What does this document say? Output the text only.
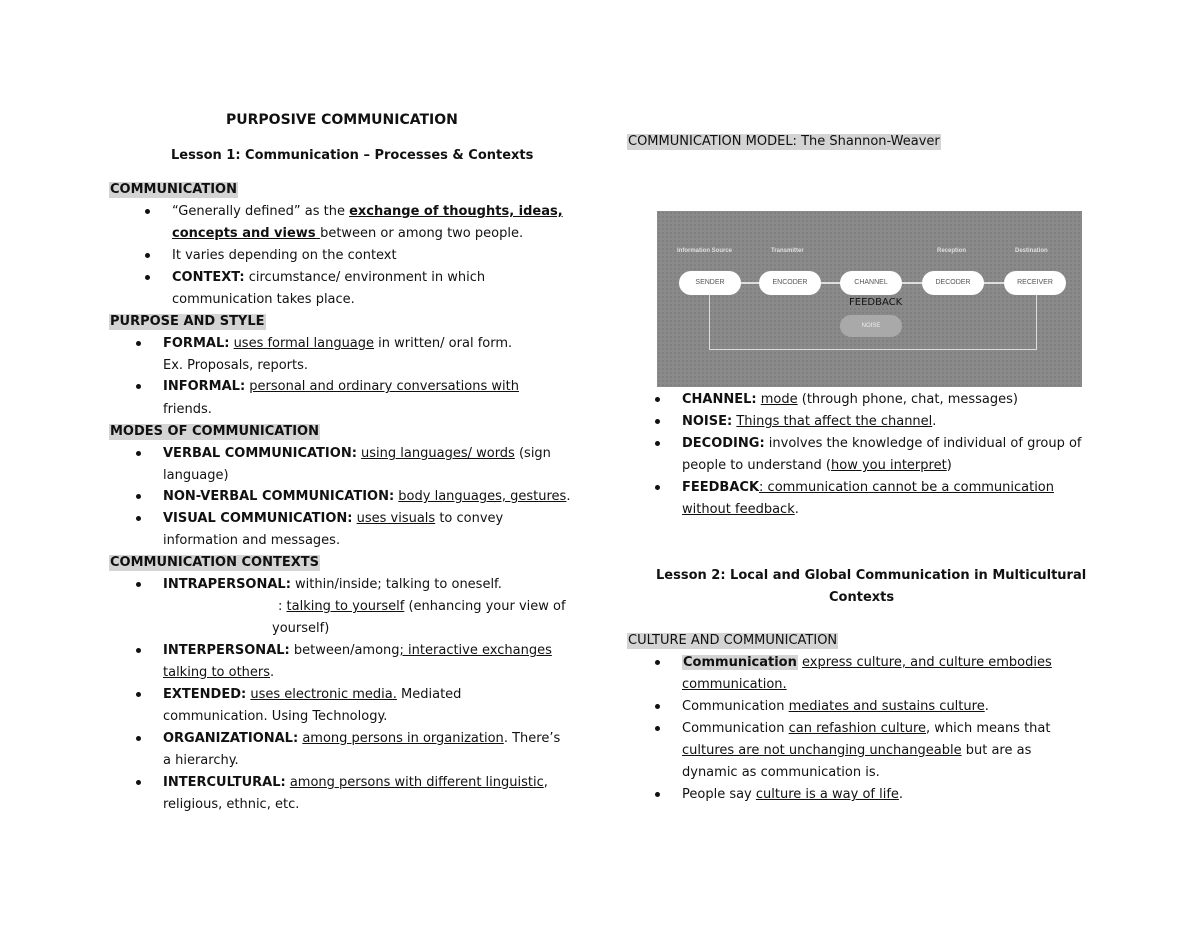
PURPOSIVE COMMUNICATION
Lesson 1: Communication – Processes & Contexts
COMMUNICATION
“Generally defined” as the exchange of thoughts, ideas,
concepts and views between or among two people.
It varies depending on the context
CONTEXT: circumstance/ environment in which
communication takes place.
PURPOSE AND STYLE
FORMAL: uses formal language in written/ oral form.
Ex. Proposals, reports.
INFORMAL: personal and ordinary conversations with
friends.
MODES OF COMMUNICATION
VERBAL COMMUNICATION: using languages/ words (sign
language)
NON-VERBAL COMMUNICATION: body languages, gestures.
VISUAL COMMUNICATION: uses visuals to convey
information and messages.
COMMUNICATION CONTEXTS
INTRAPERSONAL: within/inside; talking to oneself.
: talking to yourself (enhancing your view of
yourself)
INTERPERSONAL: between/among; interactive exchanges
talking to others.
EXTENDED: uses electronic media. Mediated
communication. Using Technology.
ORGANIZATIONAL: among persons in organization. There’s
a hierarchy.
INTERCULTURAL: among persons with different linguistic,
religious, ethnic, etc.
COMMUNICATION MODEL: The Shannon-Weaver
Information Source	Transmitter	Reception	Destination
SENDER	ENCODER	CHANNEL	DECODER	RECEIVER
NOISE
FEEDBACK
CHANNEL: mode (through phone, chat, messages)
NOISE: Things that affect the channel.
DECODING: involves the knowledge of individual of group of
people to understand (how you interpret)
FEEDBACK: communication cannot be a communication
without feedback.
Lesson 2: Local and Global Communication in Multicultural
Contexts
CULTURE AND COMMUNICATION
Communication express culture, and culture embodies
communication.
Communication mediates and sustains culture.
Communication can refashion culture, which means that
cultures are not unchanging unchangeable but are as
dynamic as communication is.
People say culture is a way of life.
